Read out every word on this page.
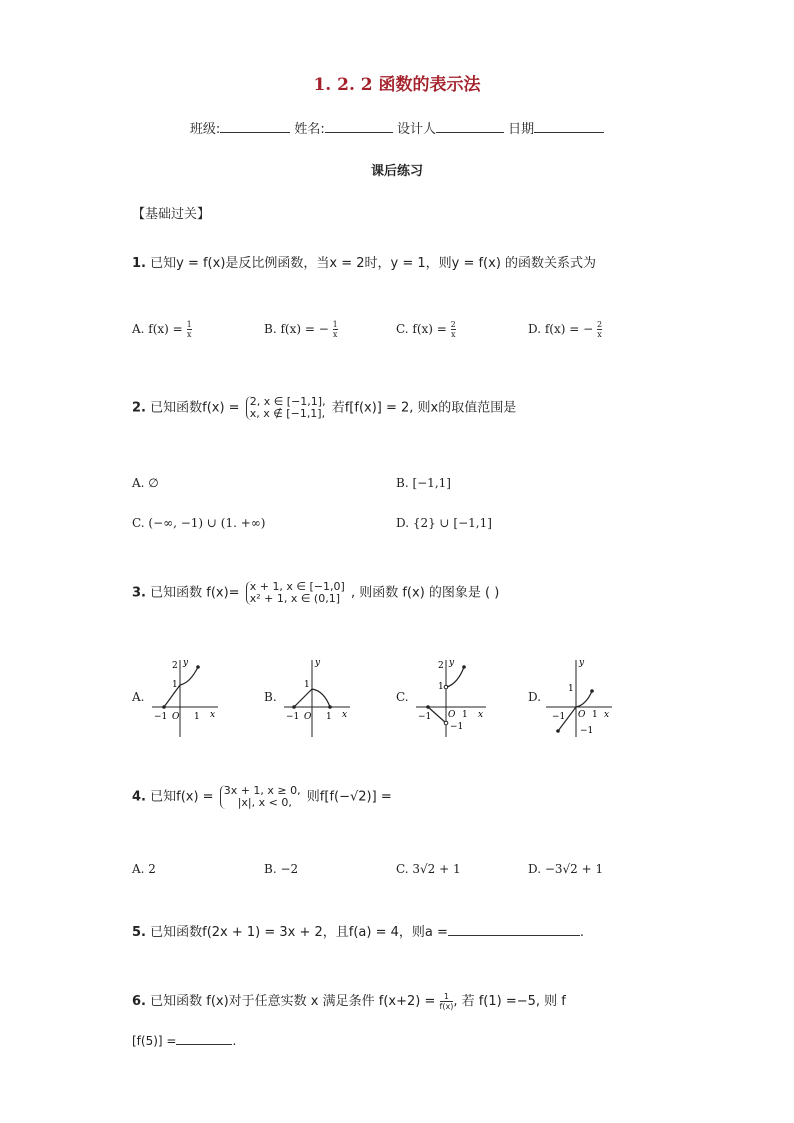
1. 2. 2 函数的表示法
班级:	姓名:	设计人	日期
课后练习
【基础过关】
1. 已知y = f(x)是反比例函数，当x = 2时，y = 1，则y = f(x) 的函数关系式为
A. $f(x) = \frac{1}{x}$	B. f(x) = − $\frac{1}{x}$	C. $f(x) = \frac{2}{x}$	D. f(x) = − $\frac{2}{x}$
2. 已知函数f(x) = 2, x ∈ [−1,1],
x, x ∉ [−1,1], 若f[f(x)] = 2, 则x的取值范围是
A. ∅	B. [−1,1]
C. (−∞, −1) ∪ (1. +∞)	D. {2} ∪ [−1,1]
3. 已知函数 f(x)= x + 1, x ∈ [−1,0]
x² + 1, x ∈ (0,1] , 则函数 f(x) 的图象是 ( )
A.
y
x
2
1
−1 O 1
B.
y
x
1
−1 O 1
C.
y
x
2
1
−1 O 1
−1
D.
y
x
1
−1 O 1
−1
4. 已知f(x) = 3x + 1, x ≥ 0,
|x|, x < 0,	则f[f(−√2)] =
A. 2	B. −2	C. 3√2 + 1	D. −3√2 + 1
5. 已知函数f(2x + 1) = 3x + 2，且f(a) = 4，则a =	.
6. 已知函数 f(x)对于任意实数 x 满足条件 $f(x+2) = \frac{1}{f(x)}$ , 若 f(1) =−5, 则 f
[f(5)] =	.
